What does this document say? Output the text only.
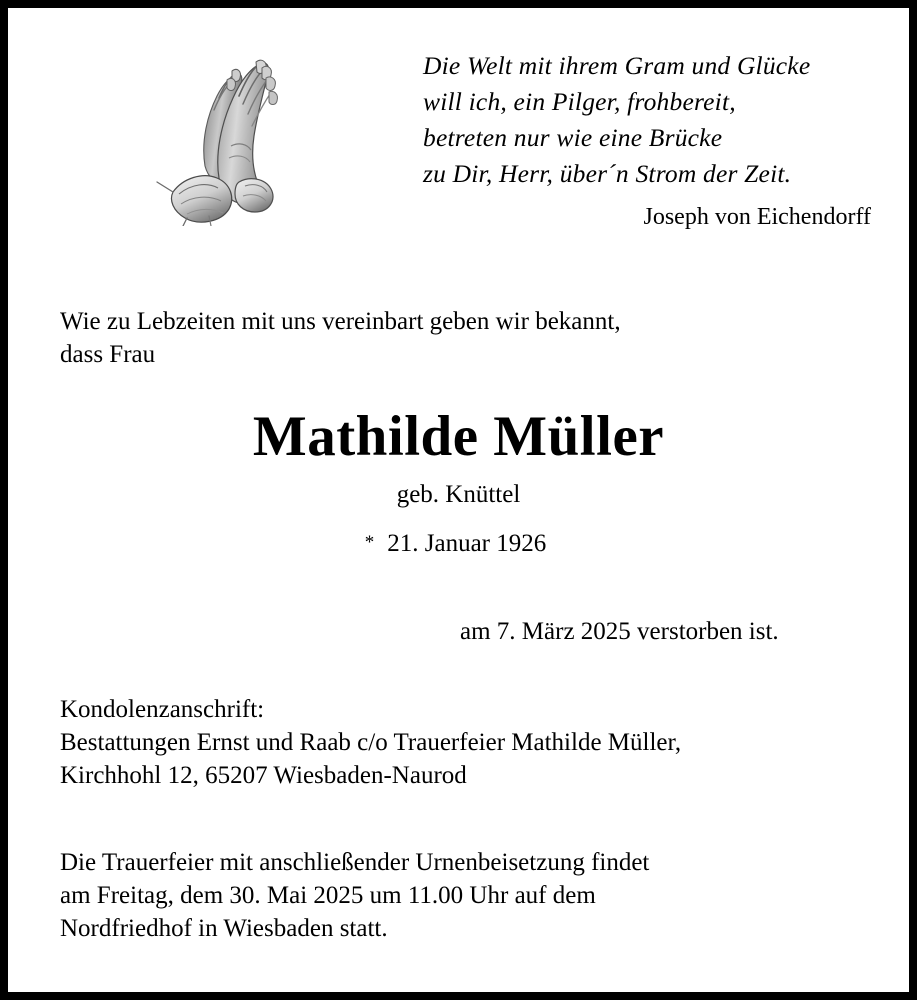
Die Welt mit ihrem Gram und Glücke
will ich, ein Pilger, frohbereit,
betreten nur wie eine Brücke
zu Dir, Herr, über´n Strom der Zeit.
Joseph von Eichendorff
Wie zu Lebzeiten mit uns vereinbart geben wir bekannt,
dass Frau
Mathilde Müller
geb. Knüttel
* 21. Januar 1926
am 7. März 2025 verstorben ist.
Kondolenzanschrift:
Bestattungen Ernst und Raab c/o Trauerfeier Mathilde Müller,
Kirchhohl 12, 65207 Wiesbaden-Naurod
Die Trauerfeier mit anschließender Urnenbeisetzung findet
am Freitag, dem 30. Mai 2025 um 11.00 Uhr auf dem
Nordfriedhof in Wiesbaden statt.
